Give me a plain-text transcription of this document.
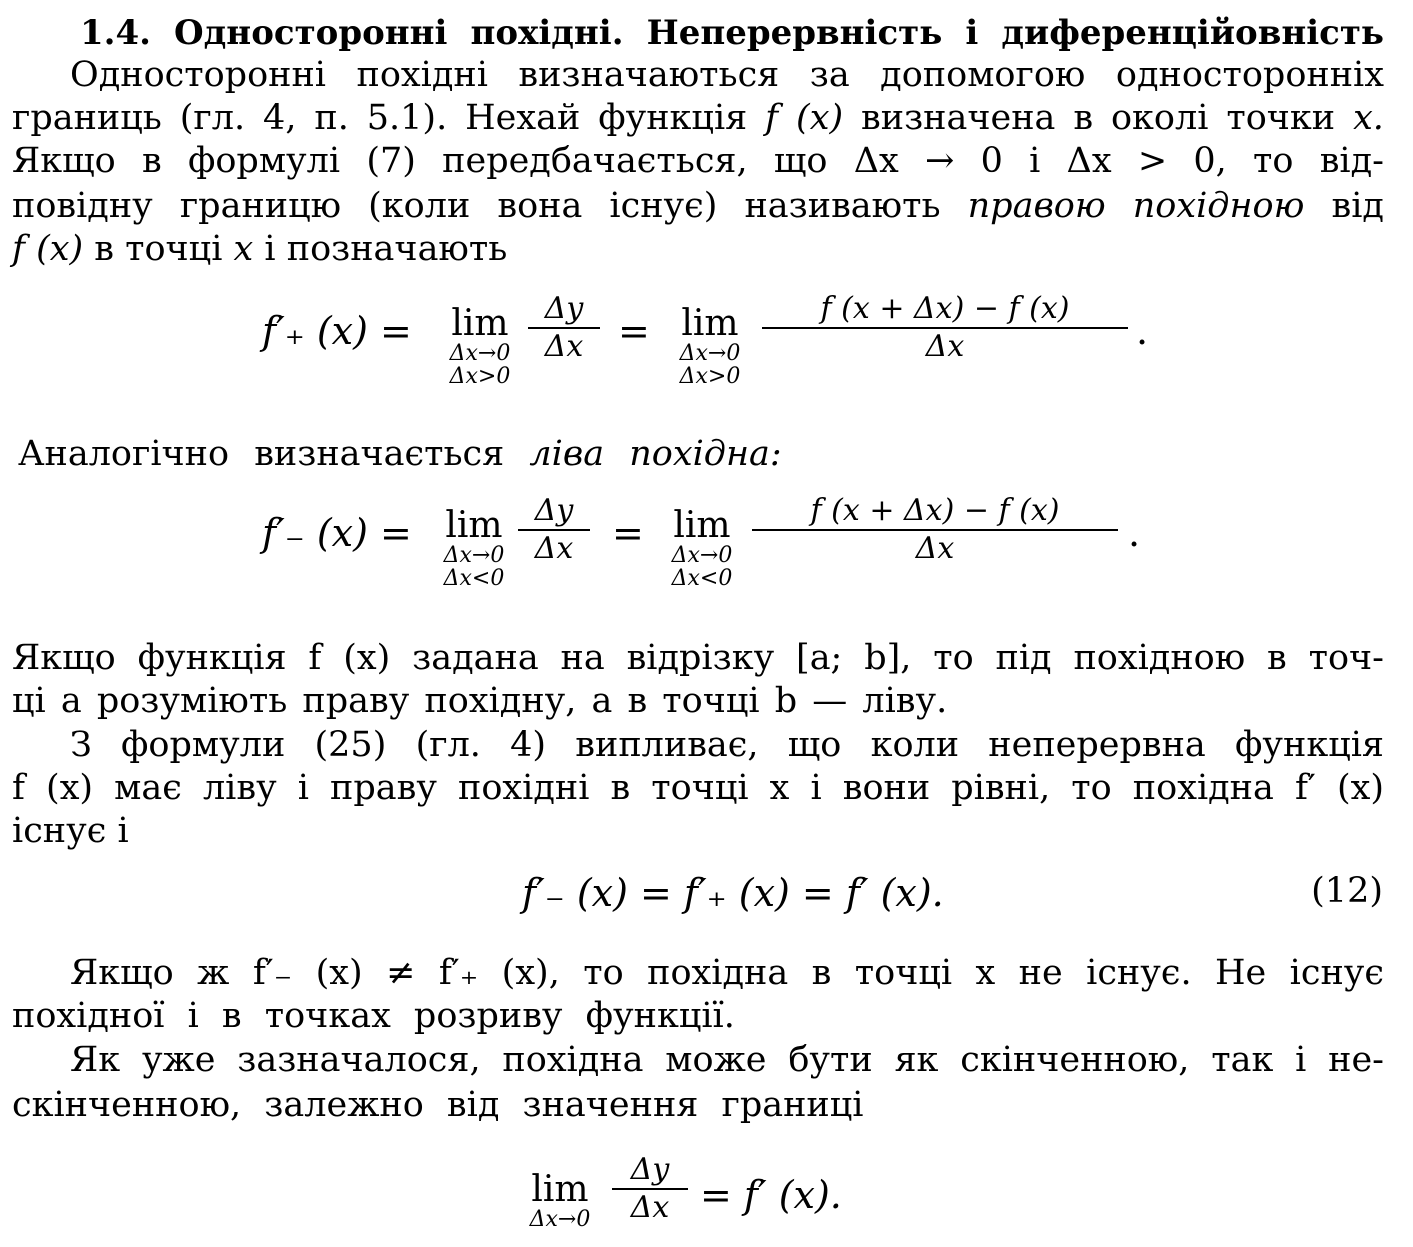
1.4. Односторонні похідні. Неперервність і диференційовність
Односторонні похідні визначаються за допомогою односторонніх
границь (гл. 4, п. 5.1). Нехай функція f (x) визначена в околі точки x.
Якщо в формулі (7) передбачається, що Δx → 0 і Δx > 0, то від-
повідну границю (коли вона існує) називають правою похідною від
f (x) в точці x і позначають
f′₊ (x) =	lim
Δx→0
Δx>0
Δy
Δx = lim
Δx→0
Δx>0
f (x + Δx) − f (x)
Δx	.
Аналогічно визначається ліва похідна:
f′₋ (x) = lim
Δx→0
Δx<0
Δy
Δx	= lim
Δx→0
Δx<0
f (x + Δx) − f (x)
Δx	.
Якщо функція f (x) задана на відрізку [a; b], то під похідною в точ-
ці a розуміють праву похідну, а в точці b — ліву.
З формули (25) (гл. 4) випливає, що коли неперервна функція
f (x) має ліву і праву похідні в точці x і вони рівні, то похідна f′ (x)
існує і
f′₋ (x) = f′₊ (x) = f′ (x).	(12)
Якщо ж f′₋ (x) ≠ f′₊ (x), то похідна в точці x не існує. Не існує
похідної і в точках розриву функції.
Як уже зазначалося, похідна може бути як скінченною, так і не-
скінченною, залежно від значення границі
lim
Δx→0
Δy
Δx = f′ (x).
